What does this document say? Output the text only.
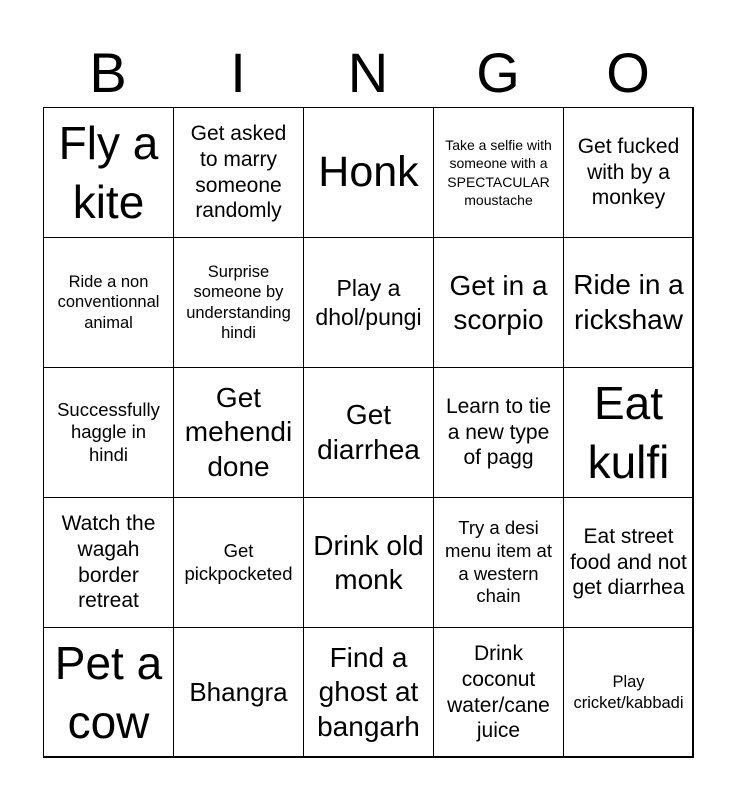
B	I	N	G	O
Fly a kite
Get asked to marry someone randomly
Honk
Take a selfie with someone with a SPECTACULAR moustache
Get fucked with by a monkey
Ride a non conventionnal animal
Surprise someone by understanding hindi
Play a dhol/pungi
Get in a scorpio
Ride in a rickshaw
Successfully haggle in hindi
Get mehendi done
Get diarrhea
Learn to tie a new type of pagg
Eat kulfi
Watch the wagah border retreat
Get pickpocketed
Drink old monk
Try a desi menu item at a western chain
Eat street food and not get diarrhea
Pet a cow
Bhangra
Find a ghost at bangarh
Drink coconut water/cane juice
Play cricket/kabbadi
